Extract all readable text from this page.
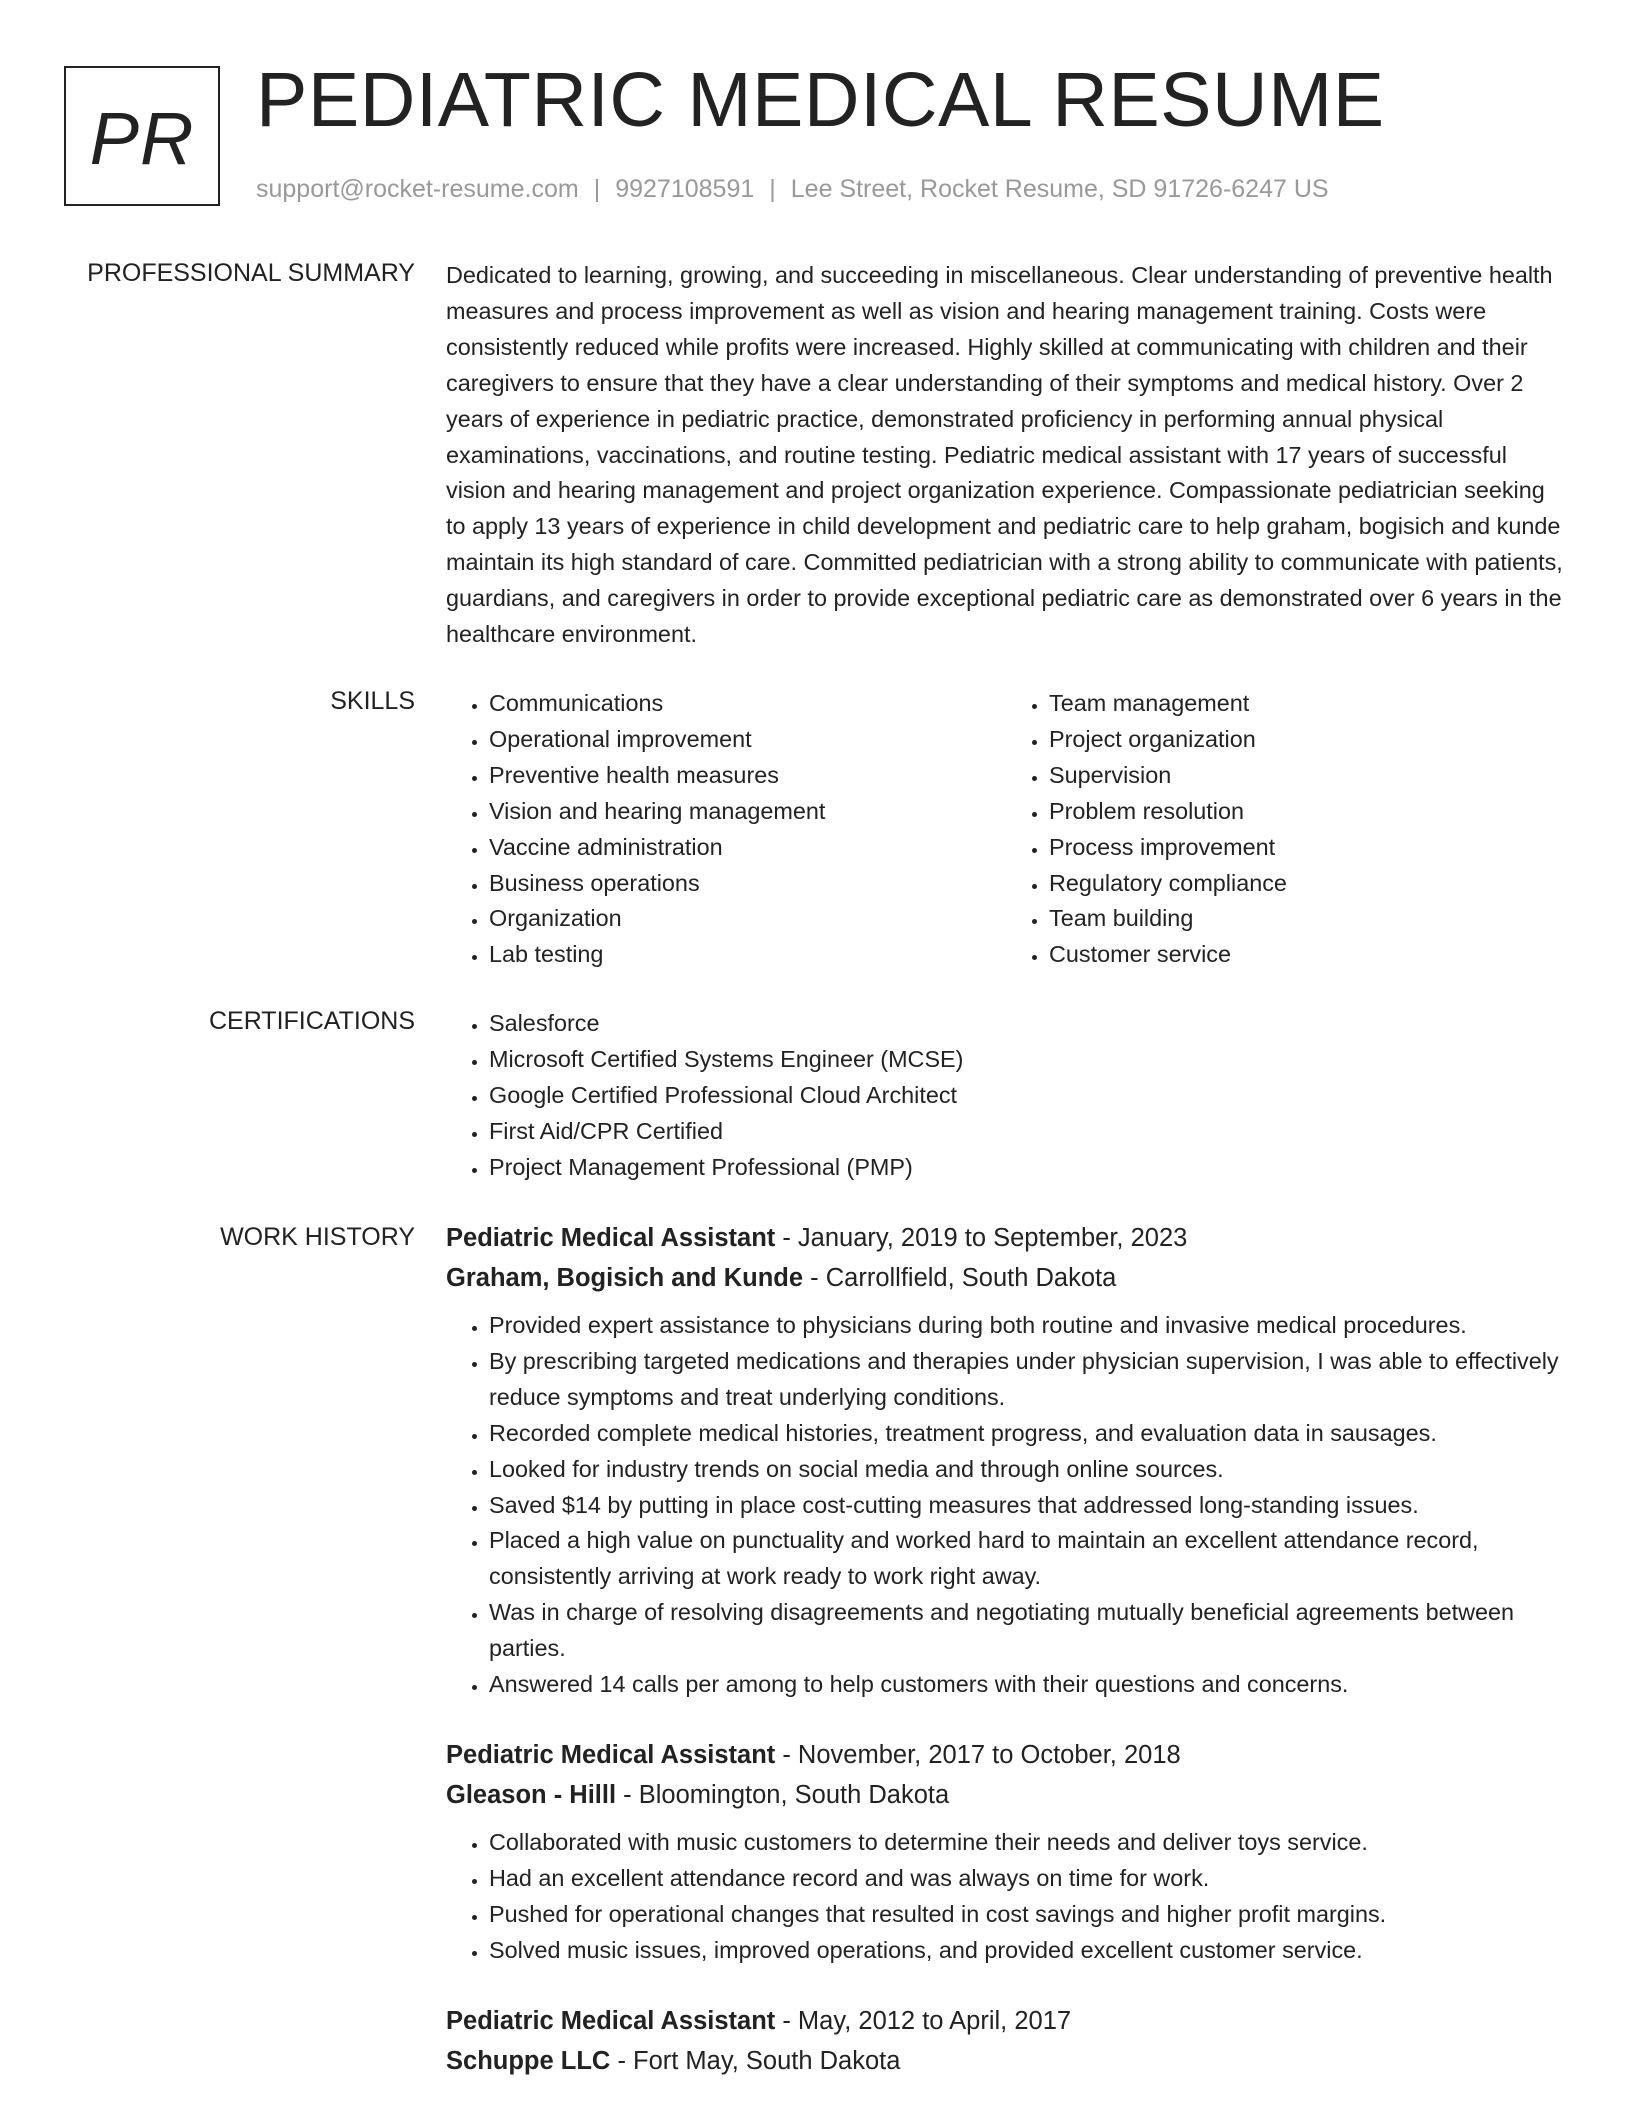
PR PEDIATRIC MEDICAL RESUME
support@rocket-resume.com | 9927108591 | Lee Street, Rocket Resume, SD 91726-6247 US
PROFESSIONAL SUMMARY Dedicated to learning, growing, and succeeding in miscellaneous. Clear understanding of preventive health measures and process improvement as well as vision and hearing management training. Costs were consistently reduced while profits were increased. Highly skilled at communicating with children and their caregivers to ensure that they have a clear understanding of their symptoms and medical history. Over 2 years of experience in pediatric practice, demonstrated proficiency in performing annual physical examinations, vaccinations, and routine testing. Pediatric medical assistant with 17 years of successful vision and hearing management and project organization experience. Compassionate pediatrician seeking to apply 13 years of experience in child development and pediatric care to help graham, bogisich and kunde maintain its high standard of care. Committed pediatrician with a strong ability to communicate with patients, guardians, and caregivers in order to provide exceptional pediatric care as demonstrated over 6 years in the healthcare environment.

SKILLS	• Communications
• Operational improvement
• Preventive health measures
• Vision and hearing management
• Vaccine administration
• Business operations
• Organization
• Lab testing
• Team management
• Project organization
• Supervision
• Problem resolution
• Process improvement
• Regulatory compliance
• Team building
• Customer service
CERTIFICATIONS	• Salesforce
• Microsoft Certified Systems Engineer (MCSE)
• Google Certified Professional Cloud Architect
• First Aid/CPR Certified
• Project Management Professional (PMP)
WORK HISTORY Pediatric Medical Assistant - January, 2019 to September, 2023
Graham, Bogisich and Kunde - Carrollfield, South Dakota
• Provided expert assistance to physicians during both routine and invasive medical procedures.
• By prescribing targeted medications and therapies under physician supervision, I was able to effectively reduce symptoms and treat underlying conditions.
• Recorded complete medical histories, treatment progress, and evaluation data in sausages.
• Looked for industry trends on social media and through online sources.
• Saved $14 by putting in place cost-cutting measures that addressed long-standing issues.
• Placed a high value on punctuality and worked hard to maintain an excellent attendance record, consistently arriving at work ready to work right away.
• Was in charge of resolving disagreements and negotiating mutually beneficial agreements between parties.
• Answered 14 calls per among to help customers with their questions and concerns.
Pediatric Medical Assistant - November, 2017 to October, 2018
Gleason - Hilll - Bloomington, South Dakota
• Collaborated with music customers to determine their needs and deliver toys service.
• Had an excellent attendance record and was always on time for work.
• Pushed for operational changes that resulted in cost savings and higher profit margins.
• Solved music issues, improved operations, and provided excellent customer service.
Pediatric Medical Assistant - May, 2012 to April, 2017
Schuppe LLC - Fort May, South Dakota
